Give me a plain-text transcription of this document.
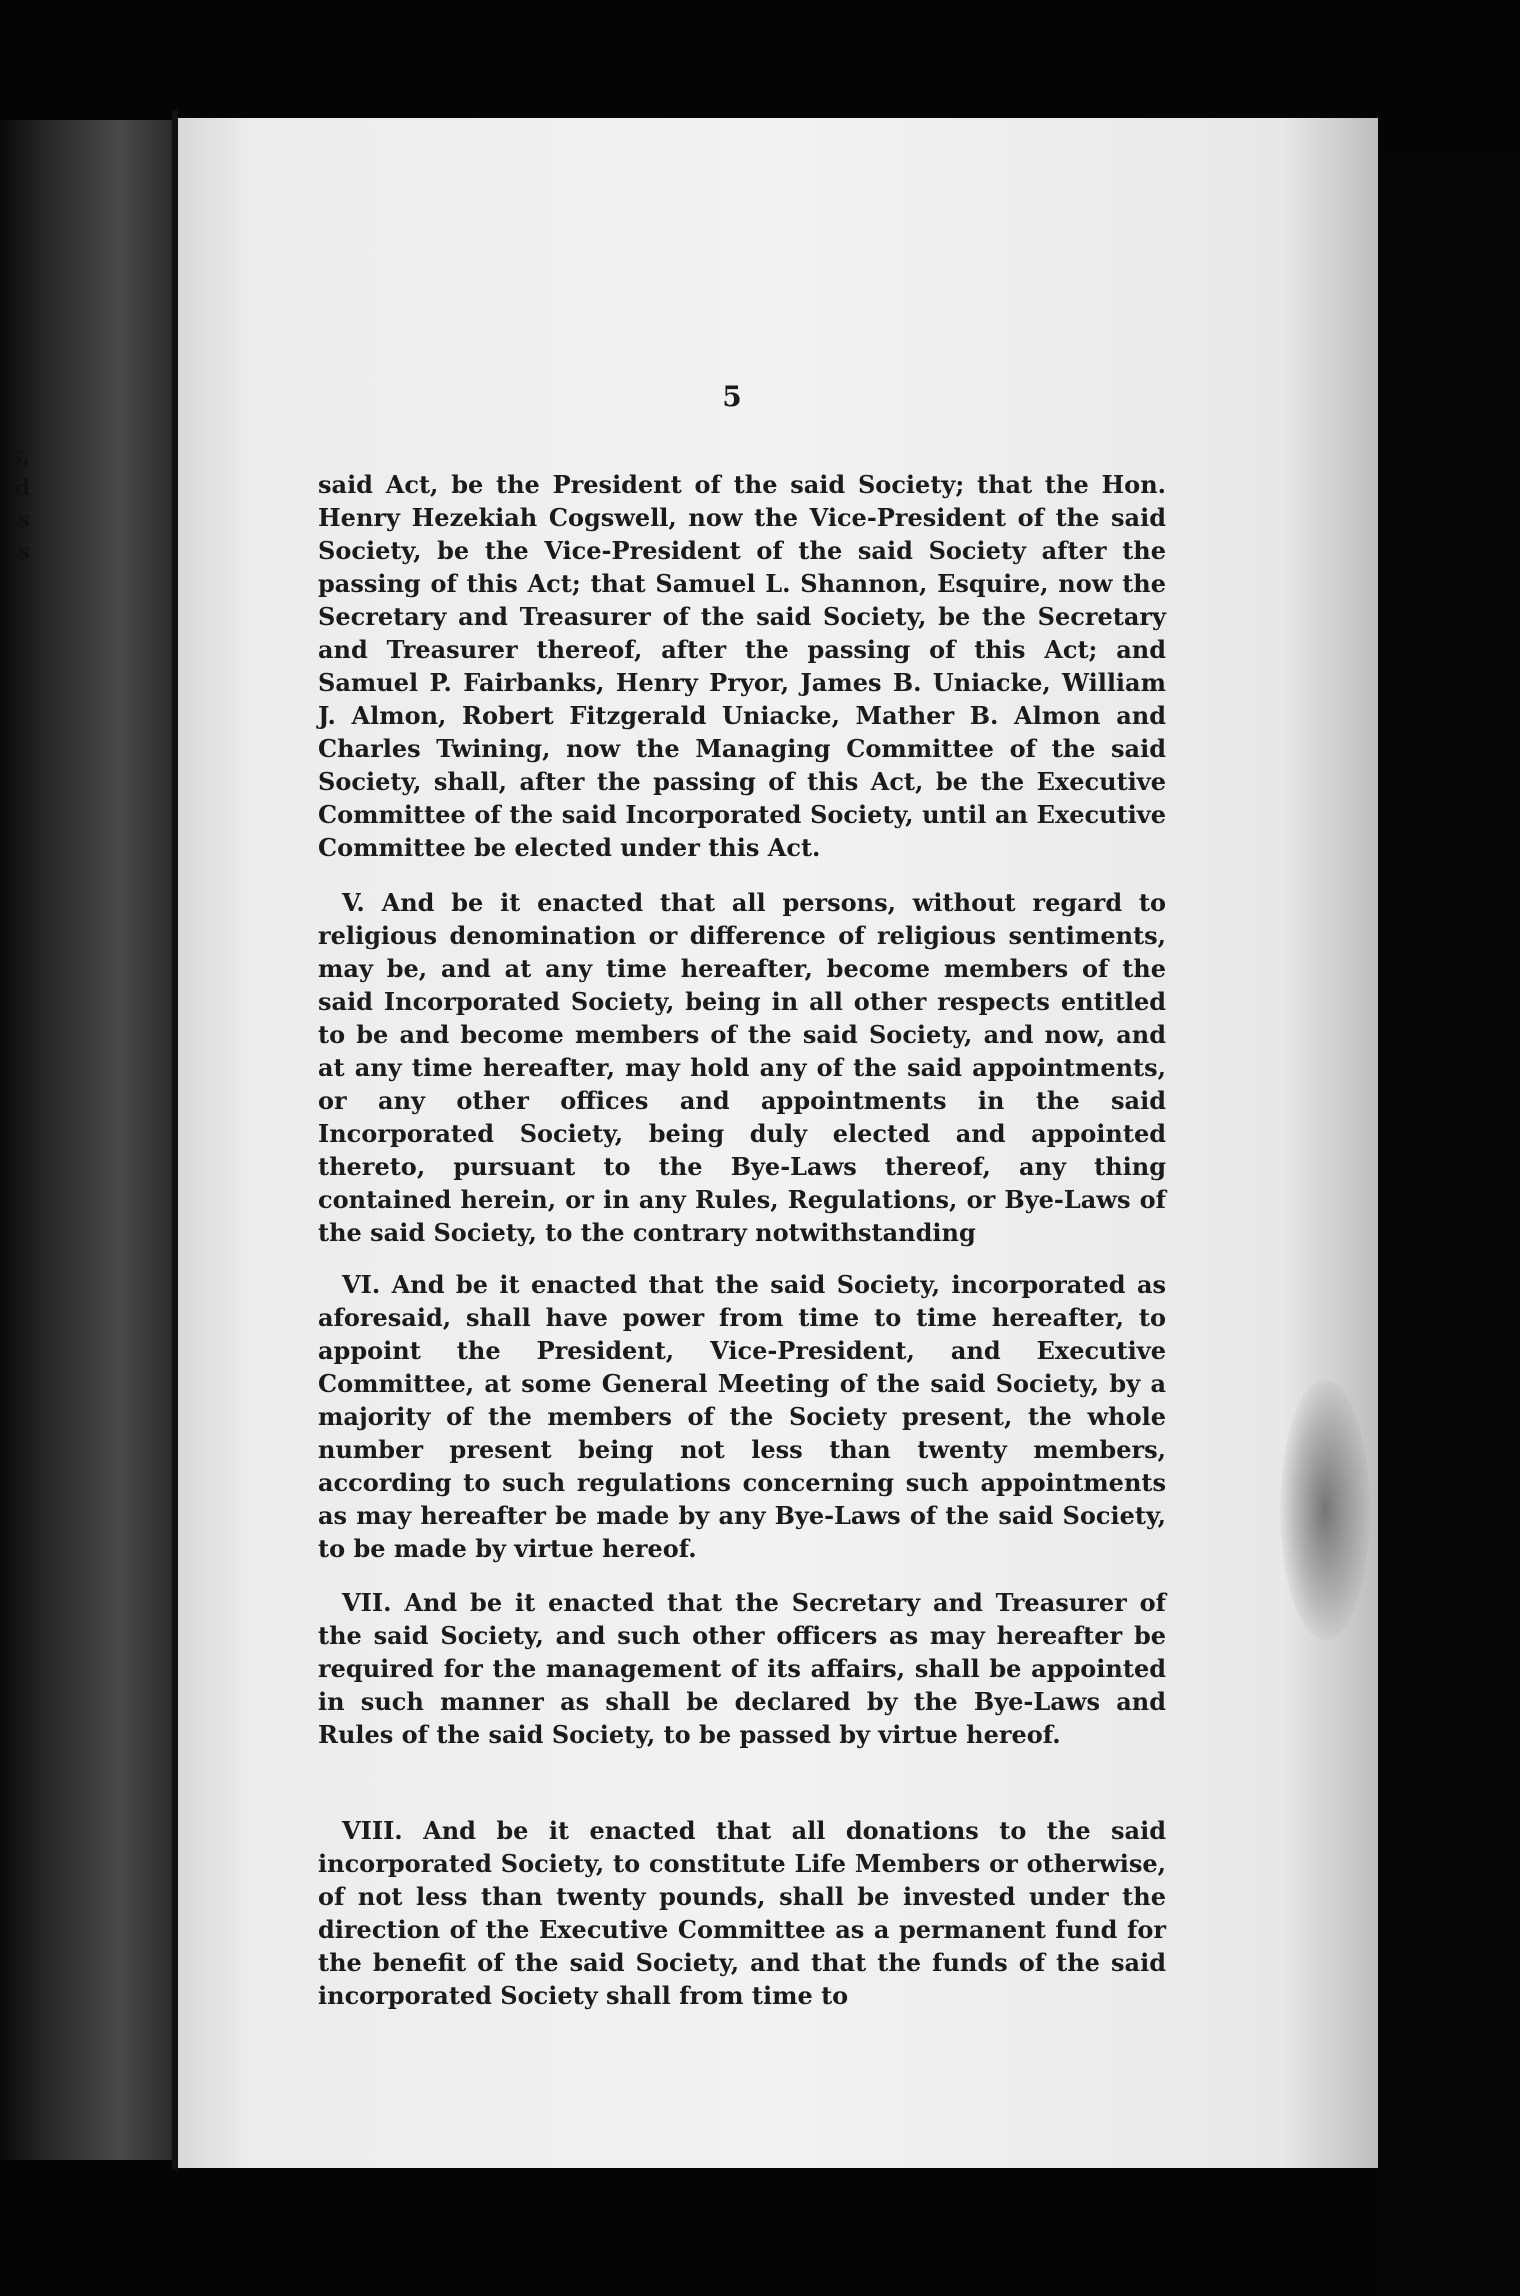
s,
d
s
s
5

said Act, be the President of the said Society; that the Hon. Henry Hezekiah Cogswell, now the Vice-President of the said Society, be the Vice-President of the said Society after the passing of this Act; that Samuel L. Shannon, Esquire, now the Secretary and Treasurer of the said Society, be the Secretary and Treasurer thereof, after the passing of this Act; and Samuel P. Fairbanks, Henry Pryor, James B. Uniacke, William J. Almon, Robert Fitzgerald Uniacke, Mather B. Almon and Charles Twining, now the Managing Committee of the said Society, shall, after the passing of this Act, be the Executive Committee of the said Incorporated Society, until an Executive Committee be elected under this Act.

V. And be it enacted that all persons, without regard to religious denomination or difference of religious sentiments, may be, and at any time hereafter, become members of the said Incorporated Society, being in all other respects entitled to be and become members of the said Society, and now, and at any time hereafter, may hold any of the said appointments, or any other offices and appointments in the said Incorporated Society, being duly elected and appointed thereto, pursuant to the Bye-Laws thereof, any thing contained herein, or in any Rules, Regulations, or Bye-Laws of the said Society, to the contrary notwithstanding

VI. And be it enacted that the said Society, incorporated as aforesaid, shall have power from time to time hereafter, to appoint the President, Vice-President, and Executive Committee, at some General Meeting of the said Society, by a majority of the members of the Society present, the whole number present being not less than twenty members, according to such regulations concerning such appointments as may hereafter be made by any Bye-Laws of the said Society, to be made by virtue hereof.

VII. And be it enacted that the Secretary and Treasurer of the said Society, and such other officers as may hereafter be required for the management of its affairs, shall be appointed in such manner as shall be declared by the Bye-Laws and Rules of the said Society, to be passed by virtue hereof.

VIII. And be it enacted that all donations to the said incorporated Society, to constitute Life Members or otherwise, of not less than twenty pounds, shall be invested under the direction of the Executive Committee as a permanent fund for the benefit of the said Society, and that the funds of the said incorporated Society shall from time to
